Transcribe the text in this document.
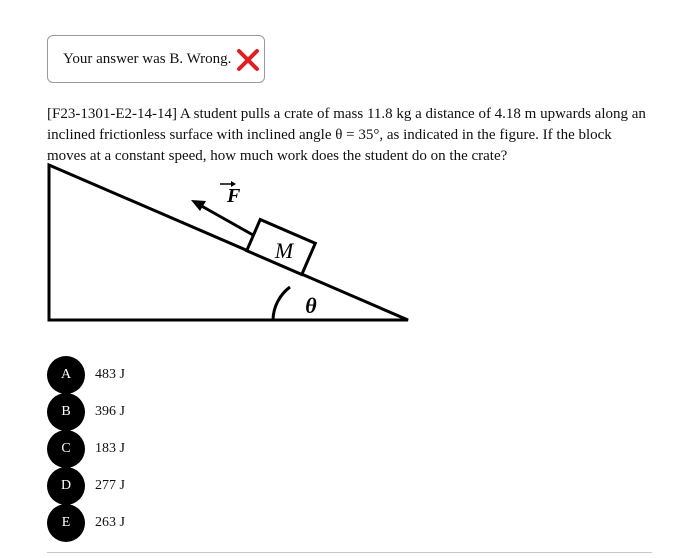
Your answer was B. Wrong.

[F23-1301-E2-14-14] A student pulls a crate of mass 11.8 kg a distance of 4.18 m upwards along an inclined frictionless surface with inclined angle θ = 35°, as indicated in the figure. If the block moves at a constant speed, how much work does the student do on the crate?

M
F
θ
A	483 J
B	396 J
C	183 J
D	277 J
E	263 J
